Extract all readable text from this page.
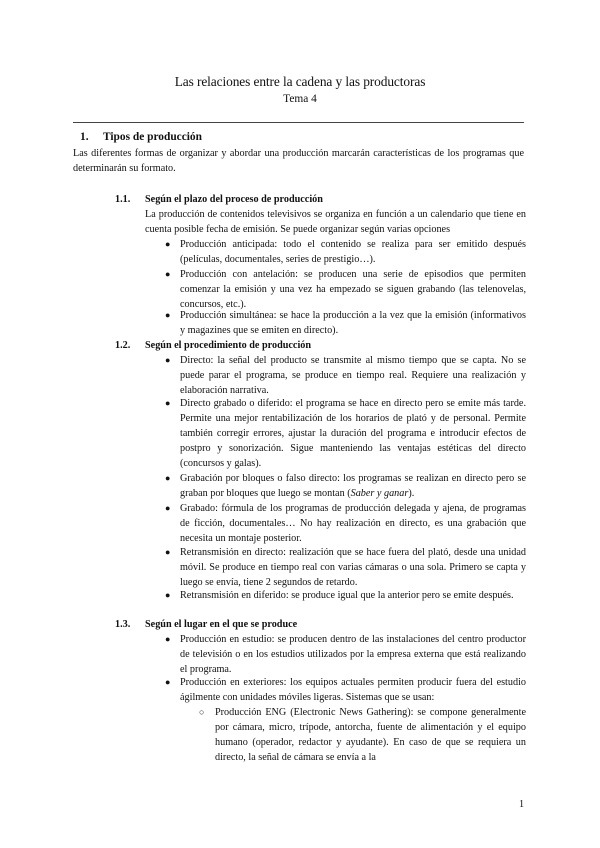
Las relaciones entre la cadena y las productoras
Tema 4
1. Tipos de producción
Las diferentes formas de organizar y abordar una producción marcarán características de los programas que determinarán su formato.
1.1. Según el plazo del proceso de producción
La producción de contenidos televisivos se organiza en función a un calendario que tiene en cuenta posible fecha de emisión. Se puede organizar según varias opciones
● Producción anticipada: todo el contenido se realiza para ser emitido después (películas, documentales, series de prestigio…).
● Producción con antelación: se producen una serie de episodios que permiten comenzar la emisión y una vez ha empezado se siguen grabando (las telenovelas, concursos, etc.).
● Producción simultánea: se hace la producción a la vez que la emisión (informativos y magazines que se emiten en directo).
1.2. Según el procedimiento de producción
● Directo: la señal del producto se transmite al mismo tiempo que se capta. No se puede parar el programa, se produce en tiempo real. Requiere una realización y elaboración narrativa.
● Directo grabado o diferido: el programa se hace en directo pero se emite más tarde. Permite una mejor rentabilización de los horarios de plató y de personal. Permite también corregir errores, ajustar la duración del programa e introducir efectos de postpro y sonorización. Sigue manteniendo las ventajas estéticas del directo (concursos y galas).
● Grabación por bloques o falso directo: los programas se realizan en directo pero se graban por bloques que luego se montan (Saber y ganar).
● Grabado: fórmula de los programas de producción delegada y ajena, de programas de ficción, documentales… No hay realización en directo, es una grabación que necesita un montaje posterior.
● Retransmisión en directo: realización que se hace fuera del plató, desde una unidad móvil. Se produce en tiempo real con varias cámaras o una sola. Primero se capta y luego se envía, tiene 2 segundos de retardo.
● Retransmisión en diferido: se produce igual que la anterior pero se emite después.
1.3. Según el lugar en el que se produce
● Producción en estudio: se producen dentro de las instalaciones del centro productor de televisión o en los estudios utilizados por la empresa externa que está realizando el programa.
● Producción en exteriores: los equipos actuales permiten producir fuera del estudio ágilmente con unidades móviles ligeras. Sistemas que se usan:
○ Producción ENG (Electronic News Gathering): se compone generalmente por cámara, micro, trípode, antorcha, fuente de alimentación y el equipo humano (operador, redactor y ayudante). En caso de que se requiera un directo, la señal de cámara se envía a la
1
